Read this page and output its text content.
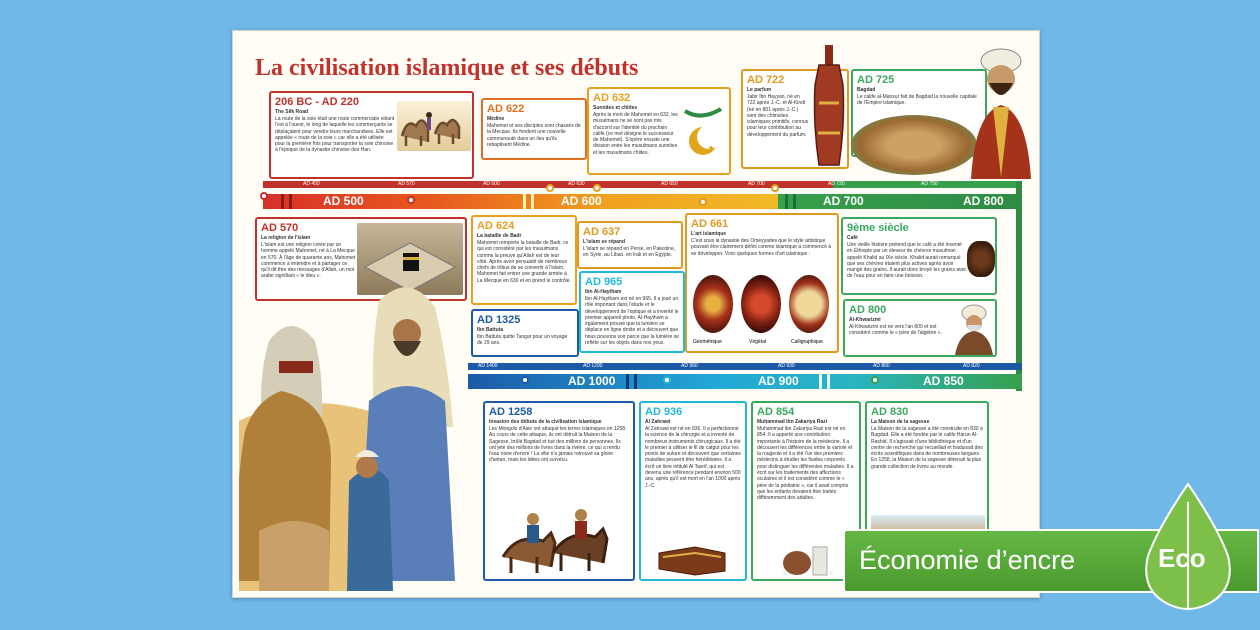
La civilisation islamique et ses débuts
AD 500	AD 600	AD 700	AD 800
AD 450	AD 570	AD 600	AD 630	AD 650	AD 700	AD 720	AD 750
AD 1000	AD 900	AD 850
AD 1400	AD 1200	AD 960	AD 930	AD 860	AD 820
206 BC - AD 220
The Silk Road
La route de la soie était une route commerciale reliant l'est à l'ouest, le long de laquelle les commerçants se déplaçaient pour vendre leurs marchandises. Elle est appelée « route de la soie » car elle a été utilisée pour la première fois pour transporter la soie chinoise à l'époque de la dynastie chinoise des Han.
AD 622
Médine
Mahomet et ses disciples sont chassés de la Mecque. Ils fondent une nouvelle communauté dans un lieu qu'ils rebaptisent Médine.
AD 632
Sunnites et chiites
Après la mort de Mahomet en 632, les musulmans ne se sont pas mis d'accord sur l'identité du prochain calife (ce mot désigne le successeur de Mahomet). S'opère ensuite une division entre les musulmans sunnites et les musulmans chiites.
AD 722
Le parfum
Jabir Ibn Hayyan, né en 722 après J.-C. et Al-Kindi (né en 801 après J.-C.) sont des chimistes islamiques primitifs, connus pour leur contribution au développement du parfum.
AD 725
Bagdad
Le calife al-Mansur fait de Bagdad la nouvelle capitale de l'Empire islamique.
AD 570
La religion de l'islam
L'islam est une religion créée par un homme appelé Mahomet, né à La Mecque en 570. À l'âge de quarante ans, Mahomet commence à entendre et à partager ce qu'il dit être des messages d'Allah, un mot arabe signifiant « le dieu ».
AD 624
La bataille de Badr
Mahomet remporte la bataille de Badr, ce qui est considéré par les musulmans comme la preuve qu'Allah est de leur côté. Après avoir persuadé de nombreux chefs de tribus de se convertir à l'islam, Mahomet fait entrer une grande armée à La Mecque en 630 et en prend le contrôle.
AD 637
L'islam se répand
L'islam se répand en Perse, en Palestine, en Syrie, au Liban, en Irak et en Égypte.
AD 661
L'art islamique
C'est sous la dynastie des Omeyyades que le style artistique pouvant être clairement défini comme islamique a commencé à se développer. Voici quelques formes d'art islamique :
Géométrique	Végétal	Calligraphique
9ème siècle
Café
Une vieille histoire prétend que le café a été inventé en Éthiopie par un éleveur de chèvres musulman appelé Khalid au IXe siècle. Khalid aurait remarqué que ses chèvres étaient plus actives après avoir mangé des grains. Il aurait donc broyé les grains avec de l'eau pour en faire une boisson.
AD 965
Ibn Al-Haytham
Ibn Al-Haytham est né en 965. Il a joué un rôle important dans l'étude et le développement de l'optique et a inventé le premier appareil photo. Al-Haytham a également prouvé que la lumière se déplace en ligne droite et a découvert que nous pouvons voir parce que la lumière se reflète sur les objets dans nos yeux.
AD 1325
Ibn Battuta
Ibn Battuta quitte Tangar pour un voyage de 29 ans.
AD 800
Al-Khwarizmi
Al-Khwarizmi est né vers l'an 800 et est considéré comme le « père de l'algèbre ».
AD 1258
Invasion des débuts de la civilisation islamique
Les Mongols d'Asie ont attaqué les terres islamiques en 1258. Au cours de cette attaque, ils ont détruit la Maison de la Sagesse, brûlé Bagdad et tué des milliers de personnes. Ils ont jeté des millions de livres dans la rivière, ce qui a rendu l'eau noire d'encre ! La ville n'a jamais retrouvé sa gloire d'antan, mais les idées ont survécu.
AD 936
Al Zahrawi
Al Zahrawi est né en 936. Il a perfectionné la science de la chirurgie et a inventé de nombreux instruments chirurgicaux. Il a été le premier à utiliser le fil de catgut pour les points de suture et découvert que certaines maladies peuvent être héréditaires. Il a écrit un livre intitulé Al Tasrif, qui est devenu une référence pendant environ 500 ans, après qu'il est mort en l'an 1000 après J.-C.
AD 854
Muhammad ibn Zakariya Razi
Muhammad ibn Zakariya Razi est né en 854. Il a apporté une contribution importante à l'histoire de la médecine. Il a découvert les différences entre la variole et la rougeole et il a été l'un des premiers médecins à étudier les fluides corporels pour distinguer les différentes maladies. Il a écrit sur les traitements des affections oculaires et il est considéré comme le « père de la pédiatrie », car il avait compris que les enfants devaient être traités différemment des adultes.
AD 830
La Maison de la sagesse
La Maison de la sagesse a été construite en 830 à Bagdad. Elle a été fondée par le calife Harun Al-Rashid. Il s'agissait d'une bibliothèque et d'un centre de recherche qui recueillait et traduisait des écrits scientifiques dans de nombreuses langues. En 1258, la Maison de la sagesse détenait la plus grande collection de livres au monde.
Économie d’encre	Eco
